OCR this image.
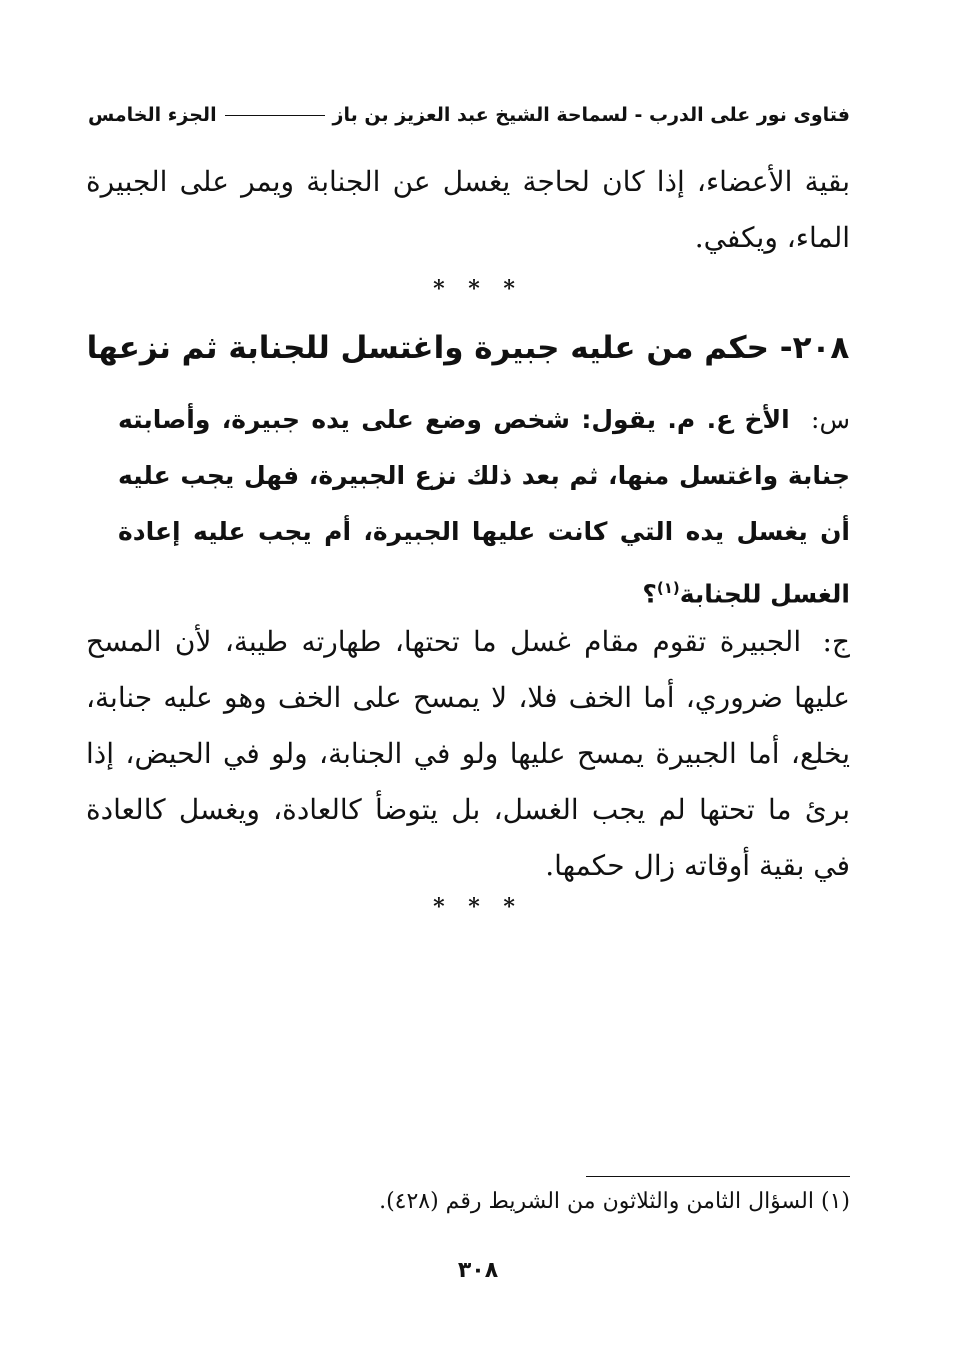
فتاوى نور على الدرب - لسماحة الشيخ عبد العزيز بن باز
الجزء الخامس
بقية الأعضاء، إذا كان لحاجة يغسل عن الجنابة ويمر على الجبيرة الماء، ويكفي.
* * *
٢٠٨- حكم من عليه جبيرة واغتسل للجنابة ثم نزعها
س: الأخ ع. م. يقول: شخص وضع على يده جبيرة، وأصابته جنابة واغتسل منها، ثم بعد ذلك نزع الجبيرة، فهل يجب عليه أن يغسل يده التي كانت عليها الجبيرة، أم يجب عليه إعادة الغسل للجنابة$^{(١)}$؟
ج: الجبيرة تقوم مقام غسل ما تحتها، طهارته طيبة، لأن المسح عليها ضروري، أما الخف فلا، لا يمسح على الخف وهو عليه جنابة، يخلع، أما الجبيرة يمسح عليها ولو في الجنابة، ولو في الحيض، إذا برئ ما تحتها لم يجب الغسل، بل يتوضأ كالعادة، ويغسل كالعادة في بقية أوقاته زال حكمها.
* * *
(١) السؤال الثامن والثلاثون من الشريط رقم (٤٢٨).
٣٠٨
